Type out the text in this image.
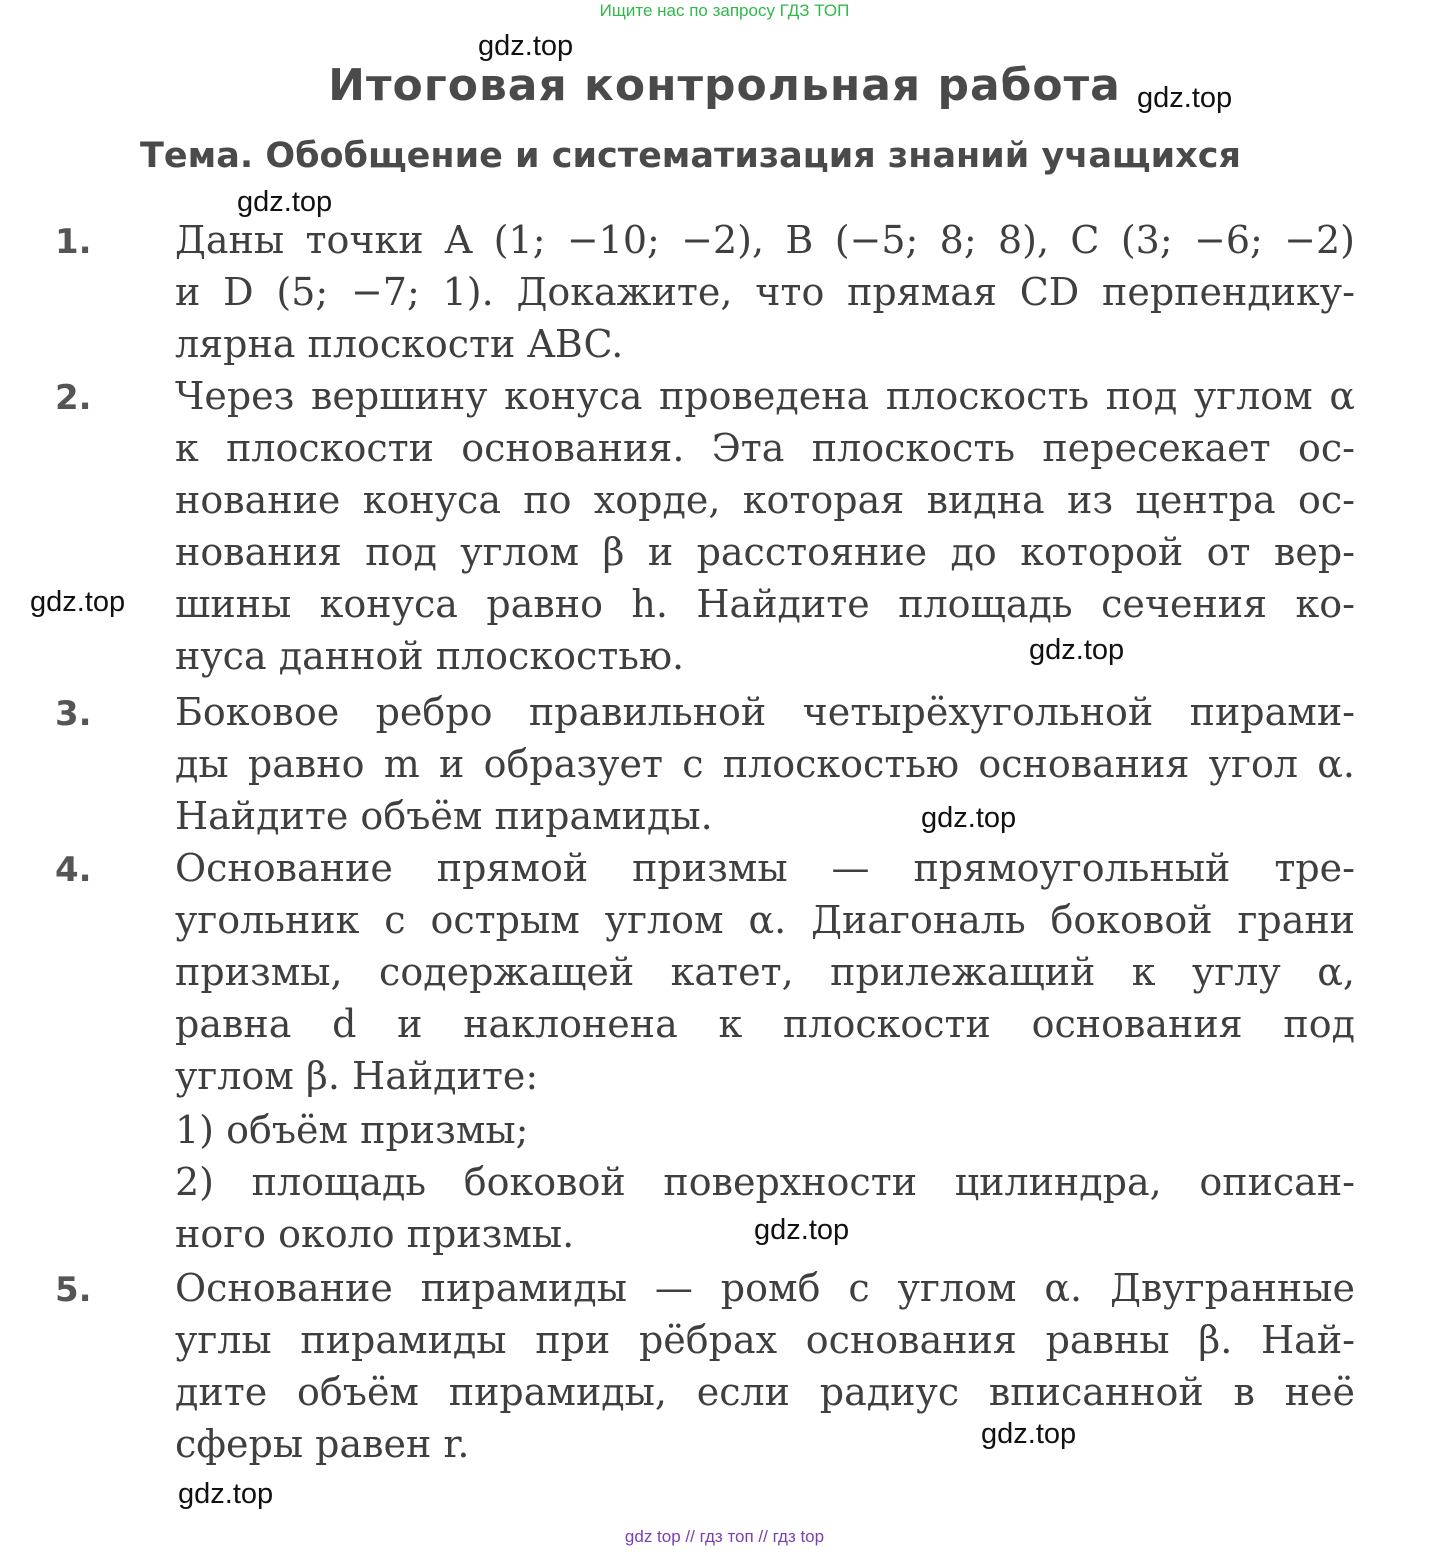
Ищите нас по запросу ГДЗ ТОП
Итоговая контрольная работа
Тема. Обобщение и систематизация знаний учащихся
1. Даны точки A (1; −10; −2), B (−5; 8; 8), C (3; −6; −2)
и D (5; −7; 1). Докажите, что прямая CD перпендику-
лярна плоскости ABC.
2. Через вершину конуса проведена плоскость под углом α
к плоскости основания. Эта плоскость пересекает ос-
нование конуса по хорде, которая видна из центра ос-
нования под углом β и расстояние до которой от вер-
шины конуса равно h. Найдите площадь сечения ко-
нуса данной плоскостью.
3. Боковое ребро правильной четырёхугольной пирами-
ды равно m и образует с плоскостью основания угол α.
Найдите объём пирамиды.
4. Основание прямой призмы — прямоугольный тре-
угольник с острым углом α. Диагональ боковой грани
призмы, содержащей катет, прилежащий к углу α,
равна d и наклонена к плоскости основания под
углом β. Найдите:
1) объём призмы;
2) площадь боковой поверхности цилиндра, описан-
ного около призмы.
5. Основание пирамиды — ромб с углом α. Двугранные
углы пирамиды при рёбрах основания равны β. Най-
дите объём пирамиды, если радиус вписанной в неё
сферы равен r.
gdz.top
gdz.top
gdz.top
gdz.top
gdz.top
gdz.top
gdz.top
gdz.top
gdz.top
gdz top // гдз топ // гдз top
